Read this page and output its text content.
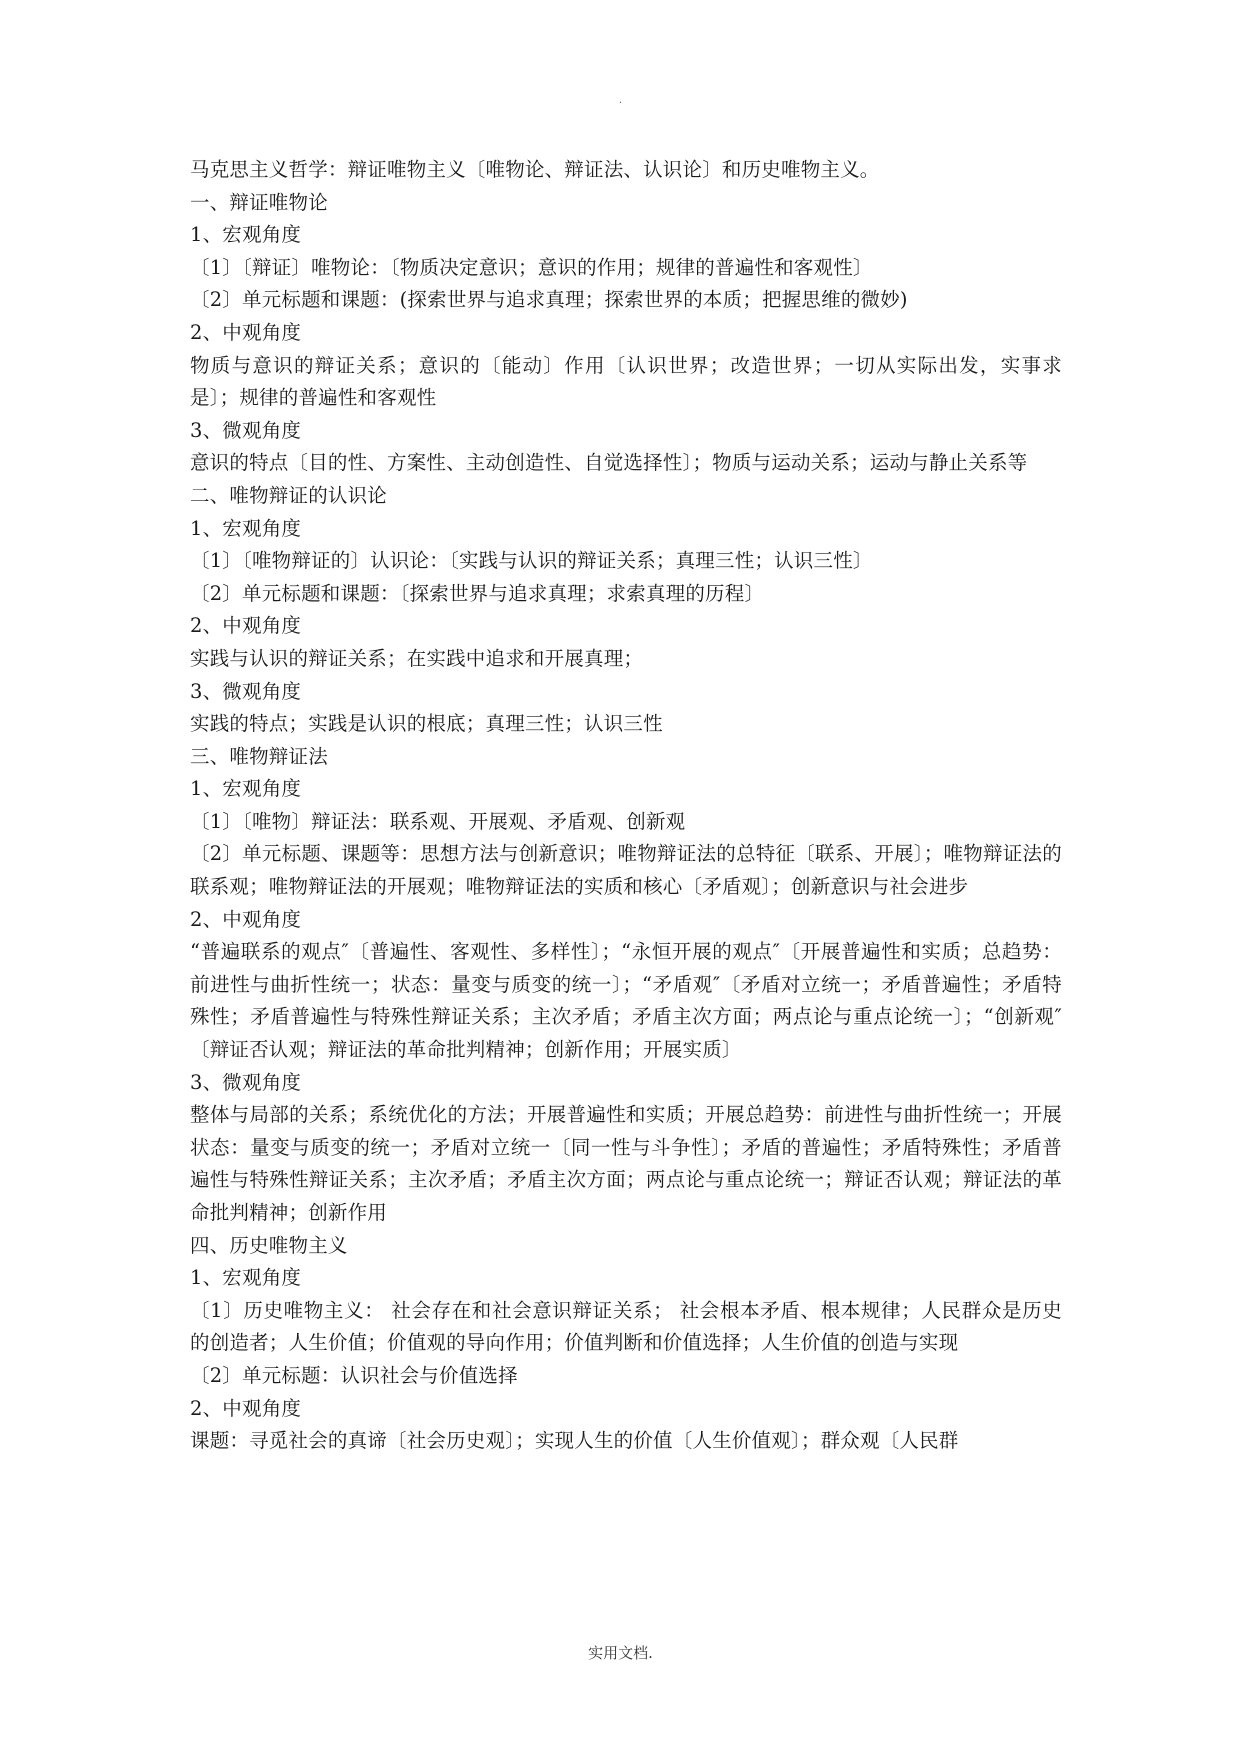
.

马克思主义哲学：辩证唯物主义〔唯物论、辩证法、认识论〕和历史唯物主义。

一、辩证唯物论

1、宏观角度

〔1〕〔辩证〕唯物论：〔物质决定意识；意识的作用；规律的普遍性和客观性〕

〔2〕单元标题和课题：(探索世界与追求真理；探索世界的本质；把握思维的微妙)

2、中观角度

物质与意识的辩证关系；意识的〔能动〕作用〔认识世界；改造世界；一切从实际出发，实事求是〕；规律的普遍性和客观性

3、微观角度

意识的特点〔目的性、方案性、主动创造性、自觉选择性〕；物质与运动关系；运动与静止关系等

二、唯物辩证的认识论

1、宏观角度

〔1〕〔唯物辩证的〕认识论：〔实践与认识的辩证关系；真理三性；认识三性〕

〔2〕单元标题和课题：〔探索世界与追求真理；求索真理的历程〕

2、中观角度

实践与认识的辩证关系；在实践中追求和开展真理；

3、微观角度

实践的特点；实践是认识的根底；真理三性；认识三性

三、唯物辩证法

1、宏观角度

〔1〕〔唯物〕辩证法：联系观、开展观、矛盾观、创新观

〔2〕单元标题、课题等：思想方法与创新意识；唯物辩证法的总特征〔联系、开展〕；唯物辩证法的联系观；唯物辩证法的开展观；唯物辩证法的实质和核心〔矛盾观〕；创新意识与社会进步

2、中观角度

“普遍联系的观点″〔普遍性、客观性、多样性〕；“永恒开展的观点″〔开展普遍性和实质；总趋势：前进性与曲折性统一；状态：量变与质变的统一〕；“矛盾观″〔矛盾对立统一；矛盾普遍性；矛盾特殊性；矛盾普遍性与特殊性辩证关系；主次矛盾；矛盾主次方面；两点论与重点论统一〕；“创新观″〔辩证否认观；辩证法的革命批判精神；创新作用；开展实质〕

3、微观角度

整体与局部的关系；系统优化的方法；开展普遍性和实质；开展总趋势：前进性与曲折性统一；开展状态：量变与质变的统一；矛盾对立统一〔同一性与斗争性〕；矛盾的普遍性；矛盾特殊性；矛盾普遍性与特殊性辩证关系；主次矛盾；矛盾主次方面；两点论与重点论统一；辩证否认观；辩证法的革命批判精神；创新作用

四、历史唯物主义

1、宏观角度

〔1〕历史唯物主义： 社会存在和社会意识辩证关系； 社会根本矛盾、根本规律；人民群众是历史的创造者；人生价值；价值观的导向作用；价值判断和价值选择；人生价值的创造与实现

〔2〕单元标题：认识社会与价值选择

2、中观角度

课题：寻觅社会的真谛〔社会历史观〕；实现人生的价值〔人生价值观〕；群众观〔人民群

实用文档.
